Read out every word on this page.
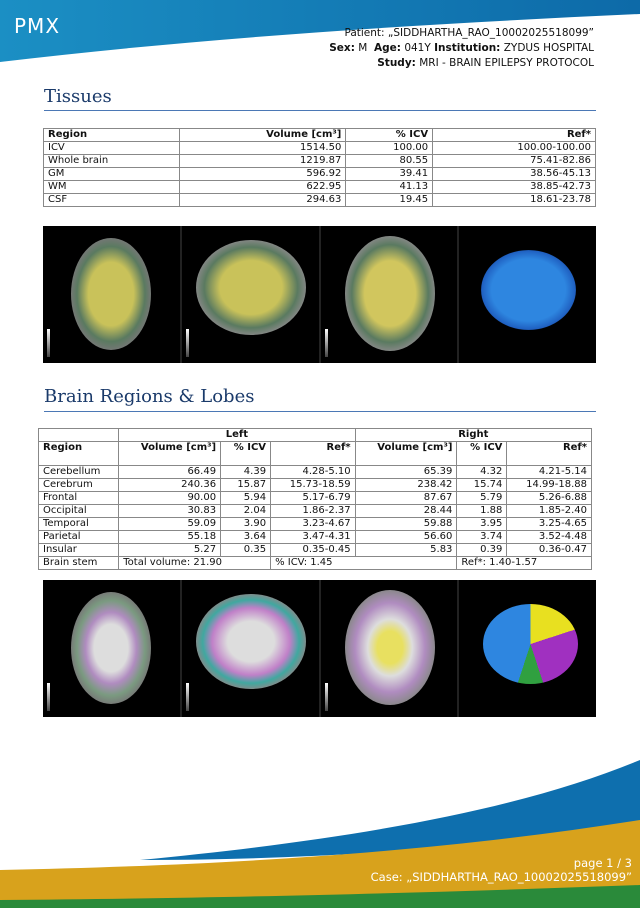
PMX	Patient: „SIDDHARTHA_RAO_10002025518099”
Sex: M Age: 041Y Institution: ZYDUS HOSPITAL
Study: MRI - BRAIN EPILEPSY PROTOCOL
Tissues
Region	Volume [cm³]	% ICV	Ref*
ICV	1514.50	100.00	100.00-100.00
Whole brain	1219.87	80.55	75.41-82.86
GM	596.92	39.41	38.56-45.13
WM	622.95	41.13	38.85-42.73
CSF	294.63	19.45	18.61-23.78
Brain Regions & Lobes
	Left			Right		
Region	Volume [cm³]	% ICV	Ref*	Volume [cm³]	% ICV	Ref*
Cerebellum	66.49	4.39	4.28-5.10	65.39	4.32	4.21-5.14
Cerebrum	240.36	15.87	15.73-18.59	238.42	15.74	14.99-18.88
Frontal	90.00	5.94	5.17-6.79	87.67	5.79	5.26-6.88
Occipital	30.83	2.04	1.86-2.37	28.44	1.88	1.85-2.40
Temporal	59.09	3.90	3.23-4.67	59.88	3.95	3.25-4.65
Parietal	55.18	3.64	3.47-4.31	56.60	3.74	3.52-4.48
Insular	5.27	0.35	0.35-0.45	5.83	0.39	0.36-0.47
Brain stem	Total volume: 21.90		% ICV: 1.45		Ref*: 1.40-1.57	
page 1 / 3
Case: „SIDDHARTHA_RAO_10002025518099”
